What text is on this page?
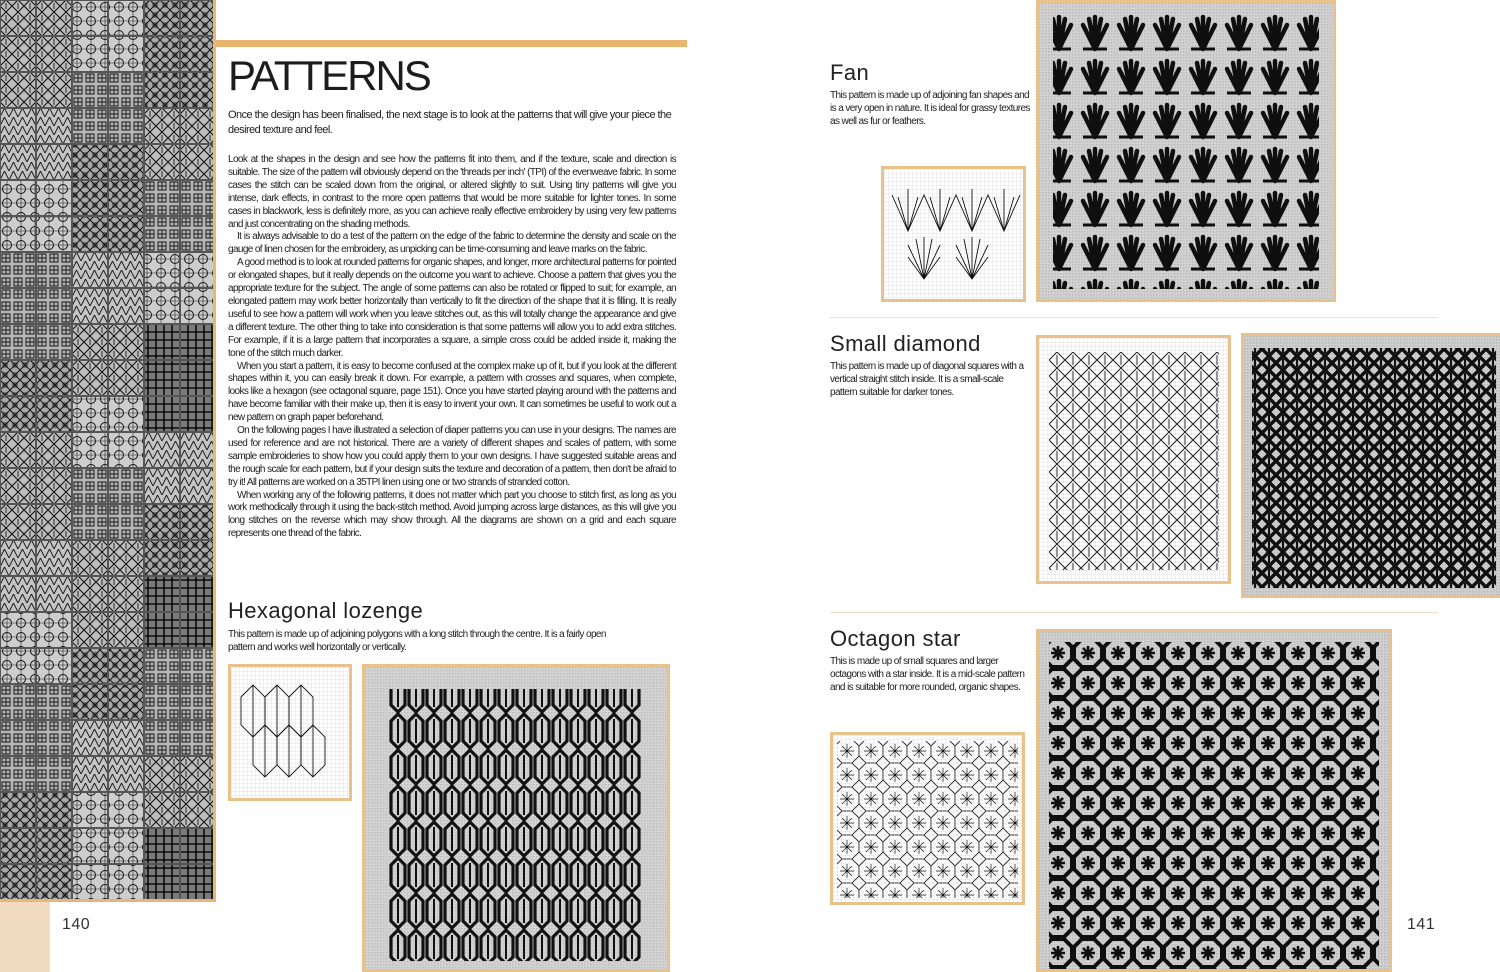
PATTERNS

Once the design has been finalised, the next stage is to look at the patterns that will give your piece the desired texture and feel.

Look at the shapes in the design and see how the patterns fit into them, and if the texture, scale and direction is suitable. The size of the pattern will obviously depend on the 'threads per inch' (TPI) of the evenweave fabric. In some cases the stitch can be scaled down from the original, or altered slightly to suit. Using tiny patterns will give you intense, dark effects, in contrast to the more open patterns that would be more suitable for lighter tones. In some cases in blackwork, less is definitely more, as you can achieve really effective embroidery by using very few patterns and just concentrating on the shading methods.

It is always advisable to do a test of the pattern on the edge of the fabric to determine the density and scale on the gauge of linen chosen for the embroidery, as unpicking can be time-consuming and leave marks on the fabric.

A good method is to look at rounded patterns for organic shapes, and longer, more architectural patterns for pointed or elongated shapes, but it really depends on the outcome you want to achieve. Choose a pattern that gives you the appropriate texture for the subject. The angle of some patterns can also be rotated or flipped to suit; for example, an elongated pattern may work better horizontally than vertically to fit the direction of the shape that it is filling. It is really useful to see how a pattern will work when you leave stitches out, as this will totally change the appearance and give a different texture. The other thing to take into consideration is that some patterns will allow you to add extra stitches. For example, if it is a large pattern that incorporates a square, a simple cross could be added inside it, making the tone of the stitch much darker.

When you start a pattern, it is easy to become confused at the complex make up of it, but if you look at the different shapes within it, you can easily break it down. For example, a pattern with crosses and squares, when complete, looks like a hexagon (see octagonal square, page 151). Once you have started playing around with the patterns and have become familiar with their make up, then it is easy to invent your own. It can sometimes be useful to work out a new pattern on graph paper beforehand.

On the following pages I have illustrated a selection of diaper patterns you can use in your designs. The names are used for reference and are not historical. There are a variety of different shapes and scales of pattern, with some sample embroideries to show how you could apply them to your own designs. I have suggested suitable areas and the rough scale for each pattern, but if your design suits the texture and decoration of a pattern, then don't be afraid to try it! All patterns are worked on a 35TPI linen using one or two strands of stranded cotton.

When working any of the following patterns, it does not matter which part you choose to stitch first, as long as you work methodically through it using the back-stitch method. Avoid jumping across large distances, as this will give you long stitches on the reverse which may show through. All the diagrams are shown on a grid and each square represents one thread of the fabric.

Hexagonal lozenge

This pattern is made up of adjoining polygons with a long stitch through the centre. It is a fairly open pattern and works well horizontally or vertically.

140
Fan

This pattern is made up of adjoining fan shapes and is a very open in nature. It is ideal for grassy textures as well as fur or feathers.

Small diamond

This pattern is made up of diagonal squares with a vertical straight stitch inside. It is a small-scale pattern suitable for darker tones.

Octagon star

This is made up of small squares and larger octagons with a star inside. It is a mid-scale pattern and is suitable for more rounded, organic shapes.

141
